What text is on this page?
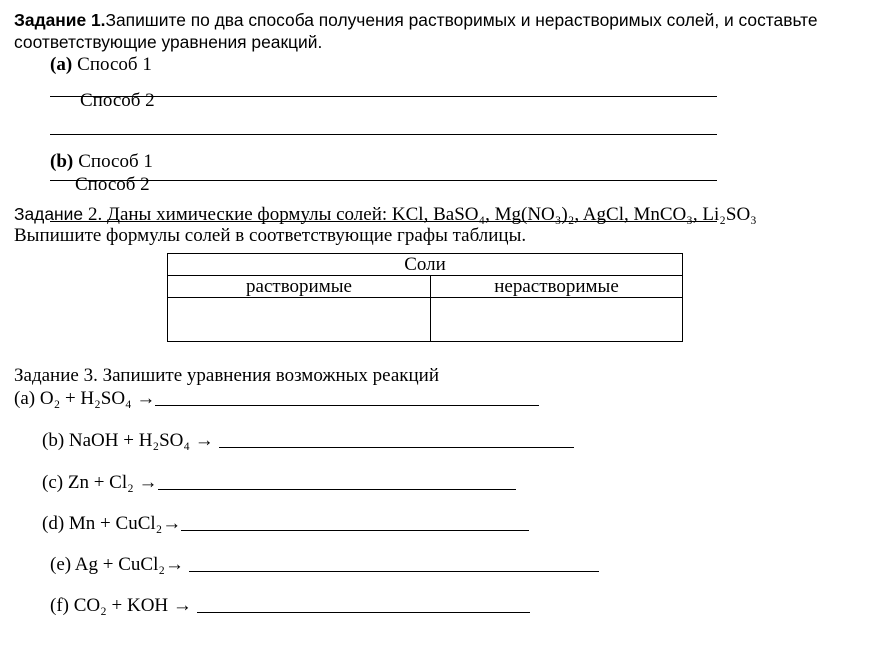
Задание 1.Запишите по два способа получения растворимых и нерастворимых солей, и составьте
соответствующие уравнения реакций.
(a) Способ 1
Способ 2
(b) Способ 1
Способ 2
Задание 2. Даны химические формулы солей: KCl, BaSO₄, Mg(NO₃)₂, AgCl, MnCO₃, Li₂SO₃
Выпишите формулы солей в соответствующие графы таблицы.
Соли	
растворимые	нерастворимые

Задание 3. Запишите уравнения возможных реакций
(a) O₂ + H₂SO₄ →
(b) NaOH + H₂SO₄ →
(c) Zn + Cl₂ →
(d) Mn + CuCl₂→
(e) Ag + CuCl₂→
(f) CO₂ + KOH →
